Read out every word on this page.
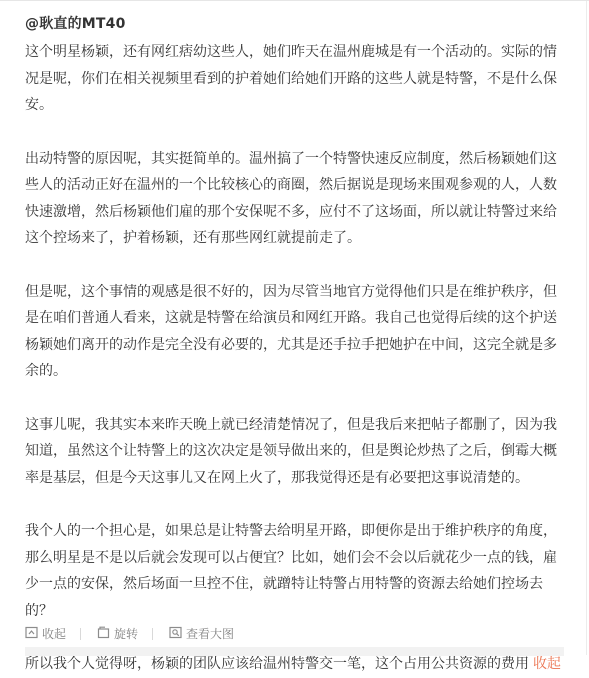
@耿直的MT40

这个明星杨颖，还有网红痞幼这些人，她们昨天在温州鹿城是有一个活动的。实际的情况是呢，你们在相关视频里看到的护着她们给她们开路的这些人就是特警，不是什么保安。

出动特警的原因呢，其实挺简单的。温州搞了一个特警快速反应制度，然后杨颖她们这些人的活动正好在温州的一个比较核心的商圈，然后据说是现场来围观参观的人，人数快速激增，然后杨颖他们雇的那个安保呢不多，应付不了这场面，所以就让特警过来给这个控场来了，护着杨颖，还有那些网红就提前走了。

但是呢，这个事情的观感是很不好的，因为尽管当地官方觉得他们只是在维护秩序，但是在咱们普通人看来，这就是特警在给演员和网红开路。我自己也觉得后续的这个护送杨颖她们离开的动作是完全没有必要的，尤其是还手拉手把她护在中间，这完全就是多余的。

这事儿呢，我其实本来昨天晚上就已经清楚情况了，但是我后来把帖子都删了，因为我知道，虽然这个让特警上的这次决定是领导做出来的，但是舆论炒热了之后，倒霉大概率是基层，但是今天这事儿又在网上火了，那我觉得还是有必要把这事说清楚的。

我个人的一个担心是，如果总是让特警去给明星开路，即便你是出于维护秩序的角度，那么明星是不是以后就会发现可以占便宜？比如，她们会不会以后就花少一点的钱，雇少一点的安保，然后场面一旦控不住，就蹭特让特警占用特警的资源去给她们控场去的？

所以我个人觉得呀，杨颖的团队应该给温州特警交一笔，这个占用公共资源的费用 收起

收起	旋转	查看大图
